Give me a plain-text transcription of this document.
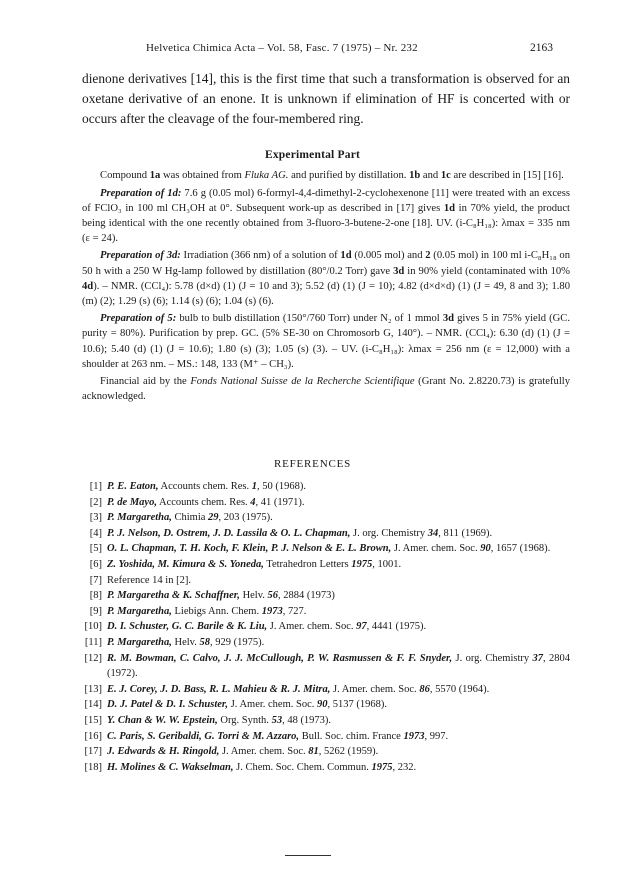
Helvetica Chimica Acta – Vol. 58, Fasc. 7 (1975) – Nr. 232	2163

dienone derivatives [14], this is the first time that such a transformation is observed for an oxetane derivative of an enone. It is unknown if elimination of HF is concerted with or occurs after the cleavage of the four-membered ring.

Experimental Part

Compound 1a was obtained from Fluka AG. and purified by distillation. 1b and 1c are described in [15] [16].

Preparation of 1d: 7.6 g (0.05 mol) 6-formyl-4,4-dimethyl-2-cyclohexenone [11] were treated with an excess of FClO₃ in 100 ml CH₃OH at 0°. Subsequent work-up as described in [17] gives 1d in 70% yield, the product being identical with the one recently obtained from 3-fluoro-3-butene-2-one [18]. UV. (i-C₈H₁₈): λmax = 335 nm (ε = 24).

Preparation of 3d: Irradiation (366 nm) of a solution of 1d (0.005 mol) and 2 (0.05 mol) in 100 ml i-C₈H₁₈ on 50 h with a 250 W Hg-lamp followed by distillation (80°/0.2 Torr) gave 3d in 90% yield (contaminated with 10% 4d). – NMR. (CCl₄): 5.78 (d×d) (1) (J = 10 and 3); 5.52 (d) (1) (J = 10); 4.82 (d×d×d) (1) (J = 49, 8 and 3); 1.80 (m) (2); 1.29 (s) (6); 1.14 (s) (6); 1.04 (s) (6).

Preparation of 5: bulb to bulb distillation (150°/760 Torr) under N₂ of 1 mmol 3d gives 5 in 75% yield (GC. purity = 80%). Purification by prep. GC. (5% SE-30 on Chromosorb G, 140°). – NMR. (CCl₄): 6.30 (d) (1) (J = 10.6); 5.40 (d) (1) (J = 10.6); 1.80 (s) (3); 1.05 (s) (3). – UV. (i-C₈H₁₈): λmax = 256 nm (ε = 12,000) with a shoulder at 263 nm. – MS.: 148, 133 (M⁺ – CH₃).

Financial aid by the Fonds National Suisse de la Recherche Scientifique (Grant No. 2.8220.73) is gratefully acknowledged.

REFERENCES
[1] P. E. Eaton, Accounts chem. Res. 1, 50 (1968).
[2] P. de Mayo, Accounts chem. Res. 4, 41 (1971).
[3] P. Margaretha, Chimia 29, 203 (1975).
[4] P. J. Nelson, D. Ostrem, J. D. Lassila & O. L. Chapman, J. org. Chemistry 34, 811 (1969).
[5] O. L. Chapman, T. H. Koch, F. Klein, P. J. Nelson & E. L. Brown, J. Amer. chem. Soc. 90, 1657 (1968).
[6] Z. Yoshida, M. Kimura & S. Yoneda, Tetrahedron Letters 1975, 1001.
[7] Reference 14 in [2].
[8] P. Margaretha & K. Schaffner, Helv. 56, 2884 (1973)
[9] P. Margaretha, Liebigs Ann. Chem. 1973, 727.
[10] D. I. Schuster, G. C. Barile & K. Liu, J. Amer. chem. Soc. 97, 4441 (1975).
[11] P. Margaretha, Helv. 58, 929 (1975).
[12] R. M. Bowman, C. Calvo, J. J. McCullough, P. W. Rasmussen & F. F. Snyder, J. org. Chemistry 37, 2804 (1972).
[13] E. J. Corey, J. D. Bass, R. L. Mahieu & R. J. Mitra, J. Amer. chem. Soc. 86, 5570 (1964).
[14] D. J. Patel & D. I. Schuster, J. Amer. chem. Soc. 90, 5137 (1968).
[15] Y. Chan & W. W. Epstein, Org. Synth. 53, 48 (1973).
[16] C. Paris, S. Geribaldi, G. Torri & M. Azzaro, Bull. Soc. chim. France 1973, 997.
[17] J. Edwards & H. Ringold, J. Amer. chem. Soc. 81, 5262 (1959).
[18] H. Molines & C. Wakselman, J. Chem. Soc. Chem. Commun. 1975, 232.
